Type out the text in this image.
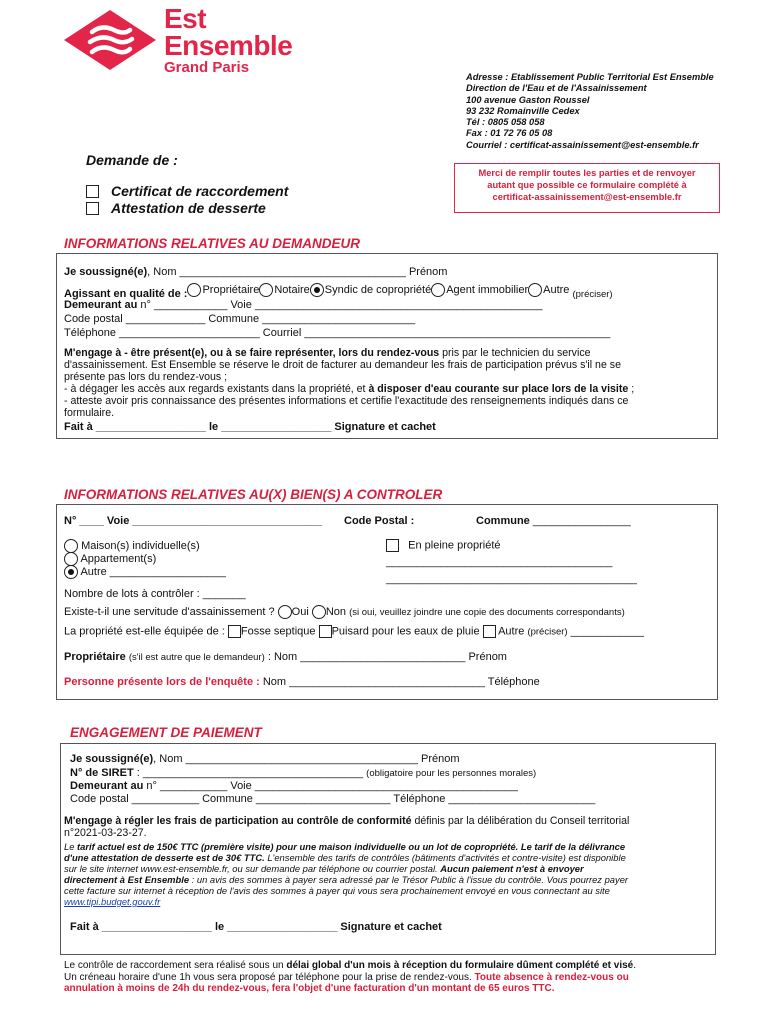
Est
Ensemble
Grand Paris
Adresse : Etablissement Public Territorial Est Ensemble
Direction de l'Eau et de l'Assainissement
100 avenue Gaston Roussel
93 232 Romainville Cedex
Tél : 0805 058 058
Fax : 01 72 76 05 08
Courriel : certificat-assainissement@est-ensemble.fr
Demande de :
Certificat de raccordement
Attestation de desserte
Merci de remplir toutes les parties et de renvoyer
autant que possible ce formulaire complété à
certificat-assainissement@est-ensemble.fr
INFORMATIONS RELATIVES AU DEMANDEUR
Je soussigné(e), Nom _____________________________________ Prénom
Agissant en qualité de : Propriétaire Notaire Syndic de copropriété Agent immobilier Autre (préciser)
Demeurant au n° ____________ Voie _______________________________________________
Code postal _____________ Commune _________________________
Téléphone _______________________ Courriel __________________________________________________
M'engage à - être présent(e), ou à se faire représenter, lors du rendez-vous pris par le technicien du service
d'assainissement. Est Ensemble se réserve le droit de facturer au demandeur les frais de participation prévus s'il ne se
présente pas lors du rendez-vous ;
- à dégager les accès aux regards existants dans la propriété, et à disposer d'eau courante sur place lors de la visite ;
- atteste avoir pris connaissance des présentes informations et certifie l'exactitude des renseignements indiqués dans ce
formulaire.
Fait à __________________ le __________________ Signature et cachet
INFORMATIONS RELATIVES AU(X) BIEN(S) A CONTROLER
N° ____ Voie _______________________________ Code Postal :	Commune ________________
Maison(s) individuelle(s)
Appartement(s)
Autre ___________________
En pleine propriété
_____________________________________
_________________________________________
Nombre de lots à contrôler : _______
Existe-t-il une servitude d'assainissement ? Oui Non (si oui, veuillez joindre une copie des documents correspondants)
La propriété est-elle équipée de : Fosse septique Puisard pour les eaux de pluie Autre (préciser) ____________
Propriétaire (s'il est autre que le demandeur) : Nom ___________________________ Prénom
Personne présente lors de l'enquête : Nom ________________________________ Téléphone
ENGAGEMENT DE PAIEMENT
Je soussigné(e), Nom ______________________________________ Prénom
N° de SIRET : ____________________________________ (obligatoire pour les personnes morales)
Demeurant au n° ___________ Voie ___________________________________________
Code postal ___________ Commune ______________________ Téléphone ________________________
M'engage à régler les frais de participation au contrôle de conformité définis par la délibération du Conseil territorial
n°2021-03-23-27.
Le tarif actuel est de 150€ TTC (première visite) pour une maison individuelle ou un lot de copropriété. Le tarif de la délivrance
d'une attestation de desserte est de 30€ TTC. L'ensemble des tarifs de contrôles (bâtiments d'activités et contre-visite) est disponible
sur le site internet www.est-ensemble.fr, ou sur demande par téléphone ou courrier postal. Aucun paiement n'est à envoyer
directement à Est Ensemble : un avis des sommes à payer sera adressé par le Trésor Public à l'issue du contrôle. Vous pourrez payer
cette facture sur internet à réception de l'avis des sommes à payer qui vous sera prochainement envoyé en vous connectant au site
www.tipi.budget.gouv.fr
Fait à __________________ le __________________ Signature et cachet
Le contrôle de raccordement sera réalisé sous un délai global d'un mois à réception du formulaire dûment complété et visé.
Un créneau horaire d'une 1h vous sera proposé par téléphone pour la prise de rendez-vous. Toute absence à rendez-vous ou
annulation à moins de 24h du rendez-vous, fera l'objet d'une facturation d'un montant de 65 euros TTC.
